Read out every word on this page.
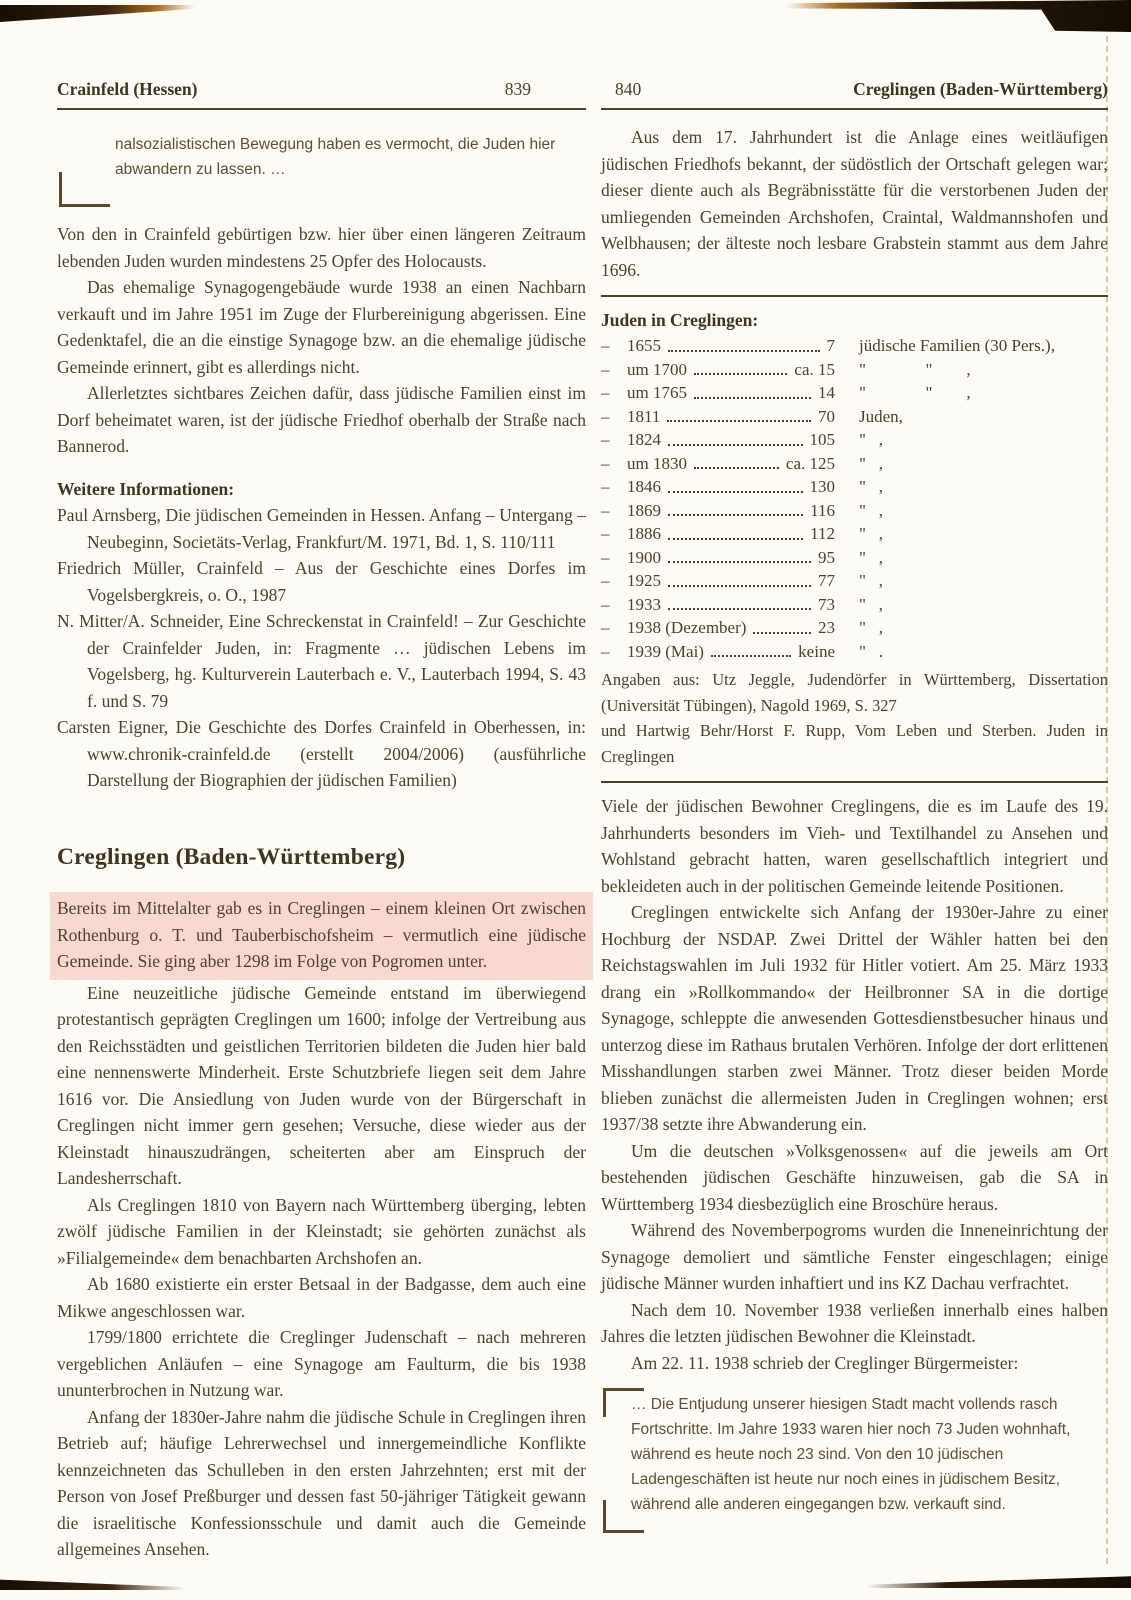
Crainfeld (Hessen)	839
nalsozialistischen Bewegung haben es vermocht, die Juden hier abwandern zu lassen. …

Von den in Crainfeld gebürtigen bzw. hier über einen längeren Zeitraum lebenden Juden wurden mindestens 25 Opfer des Holocausts.

Das ehemalige Synagogengebäude wurde 1938 an einen Nachbarn verkauft und im Jahre 1951 im Zuge der Flurbereinigung abgerissen. Eine Gedenktafel, die an die einstige Synagoge bzw. an die ehemalige jüdische Gemeinde erinnert, gibt es allerdings nicht.

Allerletztes sichtbares Zeichen dafür, dass jüdische Familien einst im Dorf beheimatet waren, ist der jüdische Friedhof oberhalb der Straße nach Bannerod.

Weitere Informationen:

Paul Arnsberg, Die jüdischen Gemeinden in Hessen. Anfang – Untergang – Neubeginn, Societäts-Verlag, Frankfurt/M. 1971, Bd. 1, S. 110/111

Friedrich Müller, Crainfeld – Aus der Geschichte eines Dorfes im Vogelsbergkreis, o. O., 1987

N. Mitter/A. Schneider, Eine Schreckenstat in Crainfeld! – Zur Geschichte der Crainfelder Juden, in: Fragmente … jüdischen Lebens im Vogelsberg, hg. Kulturverein Lauterbach e. V., Lauterbach 1994, S. 43 f. und S. 79

Carsten Eigner, Die Geschichte des Dorfes Crainfeld in Oberhessen, in: www.chronik-crainfeld.de (erstellt 2004/2006) (ausführliche Darstellung der Biographien der jüdischen Familien)

Creglingen (Baden-Württemberg)

Bereits im Mittelalter gab es in Creglingen – einem kleinen Ort zwischen Rothenburg o. T. und Tauberbischofsheim – vermutlich eine jüdische Gemeinde. Sie ging aber 1298 im Folge von Pogromen unter.

Eine neuzeitliche jüdische Gemeinde entstand im überwiegend protestantisch geprägten Creglingen um 1600; infolge der Vertreibung aus den Reichsstädten und geistlichen Territorien bildeten die Juden hier bald eine nennenswerte Minderheit. Erste Schutzbriefe liegen seit dem Jahre 1616 vor. Die Ansiedlung von Juden wurde von der Bürgerschaft in Creglingen nicht immer gern gesehen; Versuche, diese wieder aus der Kleinstadt hinauszudrängen, scheiterten aber am Einspruch der Landesherrschaft.

Als Creglingen 1810 von Bayern nach Württemberg überging, lebten zwölf jüdische Familien in der Kleinstadt; sie gehörten zunächst als »Filialgemeinde« dem benachbarten Archshofen an.

Ab 1680 existierte ein erster Betsaal in der Badgasse, dem auch eine Mikwe angeschlossen war.

1799/1800 errichtete die Creglinger Judenschaft – nach mehreren vergeblichen Anläufen – eine Synagoge am Faulturm, die bis 1938 ununterbrochen in Nutzung war.

Anfang der 1830er-Jahre nahm die jüdische Schule in Creglingen ihren Betrieb auf; häufige Lehrerwechsel und innergemeindliche Konflikte kennzeichneten das Schulleben in den ersten Jahrzehnten; erst mit der Person von Josef Preßburger und dessen fast 50-jähriger Tätigkeit gewann die israelitische Konfessionsschule und damit auch die Gemeinde allgemeines Ansehen.

840	Creglingen (Baden-Württemberg)

Aus dem 17. Jahrhundert ist die Anlage eines weitläufigen jüdischen Friedhofs bekannt, der südöstlich der Ortschaft gelegen war; dieser diente auch als Begräbnisstätte für die verstorbenen Juden der umliegenden Gemeinden Archshofen, Craintal, Waldmannshofen und Welbhausen; der älteste noch lesbare Grabstein stammt aus dem Jahre 1696.

Juden in Creglingen:
–	1655	7 jüdische Familien (30 Pers.),
–	um 1700	ca. 15 "              "        ,
–	um 1765	14 "              "        ,
–	1811	70 Juden,
–	1824	105 "   ,
–	um 1830	ca. 125 "   ,
–	1846	130 "   ,
–	1869	116 "   ,
–	1886	112 "   ,
–	1900	95 "   ,
–	1925	77 "   ,
–	1933	73 "   ,
–	1938 (Dezember)	23 "   ,
–	1939 (Mai)	keine "   .

Angaben aus: Utz Jeggle, Judendörfer in Württemberg, Dissertation (Universität Tübingen), Nagold 1969, S. 327

und Hartwig Behr/Horst F. Rupp, Vom Leben und Sterben. Juden in Creglingen

Viele der jüdischen Bewohner Creglingens, die es im Laufe des 19. Jahrhunderts besonders im Vieh- und Textilhandel zu Ansehen und Wohlstand gebracht hatten, waren gesellschaftlich integriert und bekleideten auch in der politischen Gemeinde leitende Positionen.

Creglingen entwickelte sich Anfang der 1930er-Jahre zu einer Hochburg der NSDAP. Zwei Drittel der Wähler hatten bei den Reichstagswahlen im Juli 1932 für Hitler votiert. Am 25. März 1933 drang ein »Rollkommando« der Heilbronner SA in die dortige Synagoge, schleppte die anwesenden Gottesdienstbesucher hinaus und unterzog diese im Rathaus brutalen Verhören. Infolge der dort erlittenen Misshandlungen starben zwei Männer. Trotz dieser beiden Morde blieben zunächst die allermeisten Juden in Creglingen wohnen; erst 1937/38 setzte ihre Abwanderung ein.

Um die deutschen »Volksgenossen« auf die jeweils am Ort bestehenden jüdischen Geschäfte hinzuweisen, gab die SA in Württemberg 1934 diesbezüglich eine Broschüre heraus.

Während des Novemberpogroms wurden die Inneneinrichtung der Synagoge demoliert und sämtliche Fenster eingeschlagen; einige jüdische Männer wurden inhaftiert und ins KZ Dachau verfrachtet.

Nach dem 10. November 1938 verließen innerhalb eines halben Jahres die letzten jüdischen Bewohner die Kleinstadt.

Am 22. 11. 1938 schrieb der Creglinger Bürgermeister:

… Die Entjudung unserer hiesigen Stadt macht vollends rasch Fortschritte. Im Jahre 1933 waren hier noch 73 Juden wohnhaft, während es heute noch 23 sind. Von den 10 jüdischen Ladengeschäften ist heute nur noch eines in jüdischem Besitz, während alle anderen eingegangen bzw. verkauft sind.
